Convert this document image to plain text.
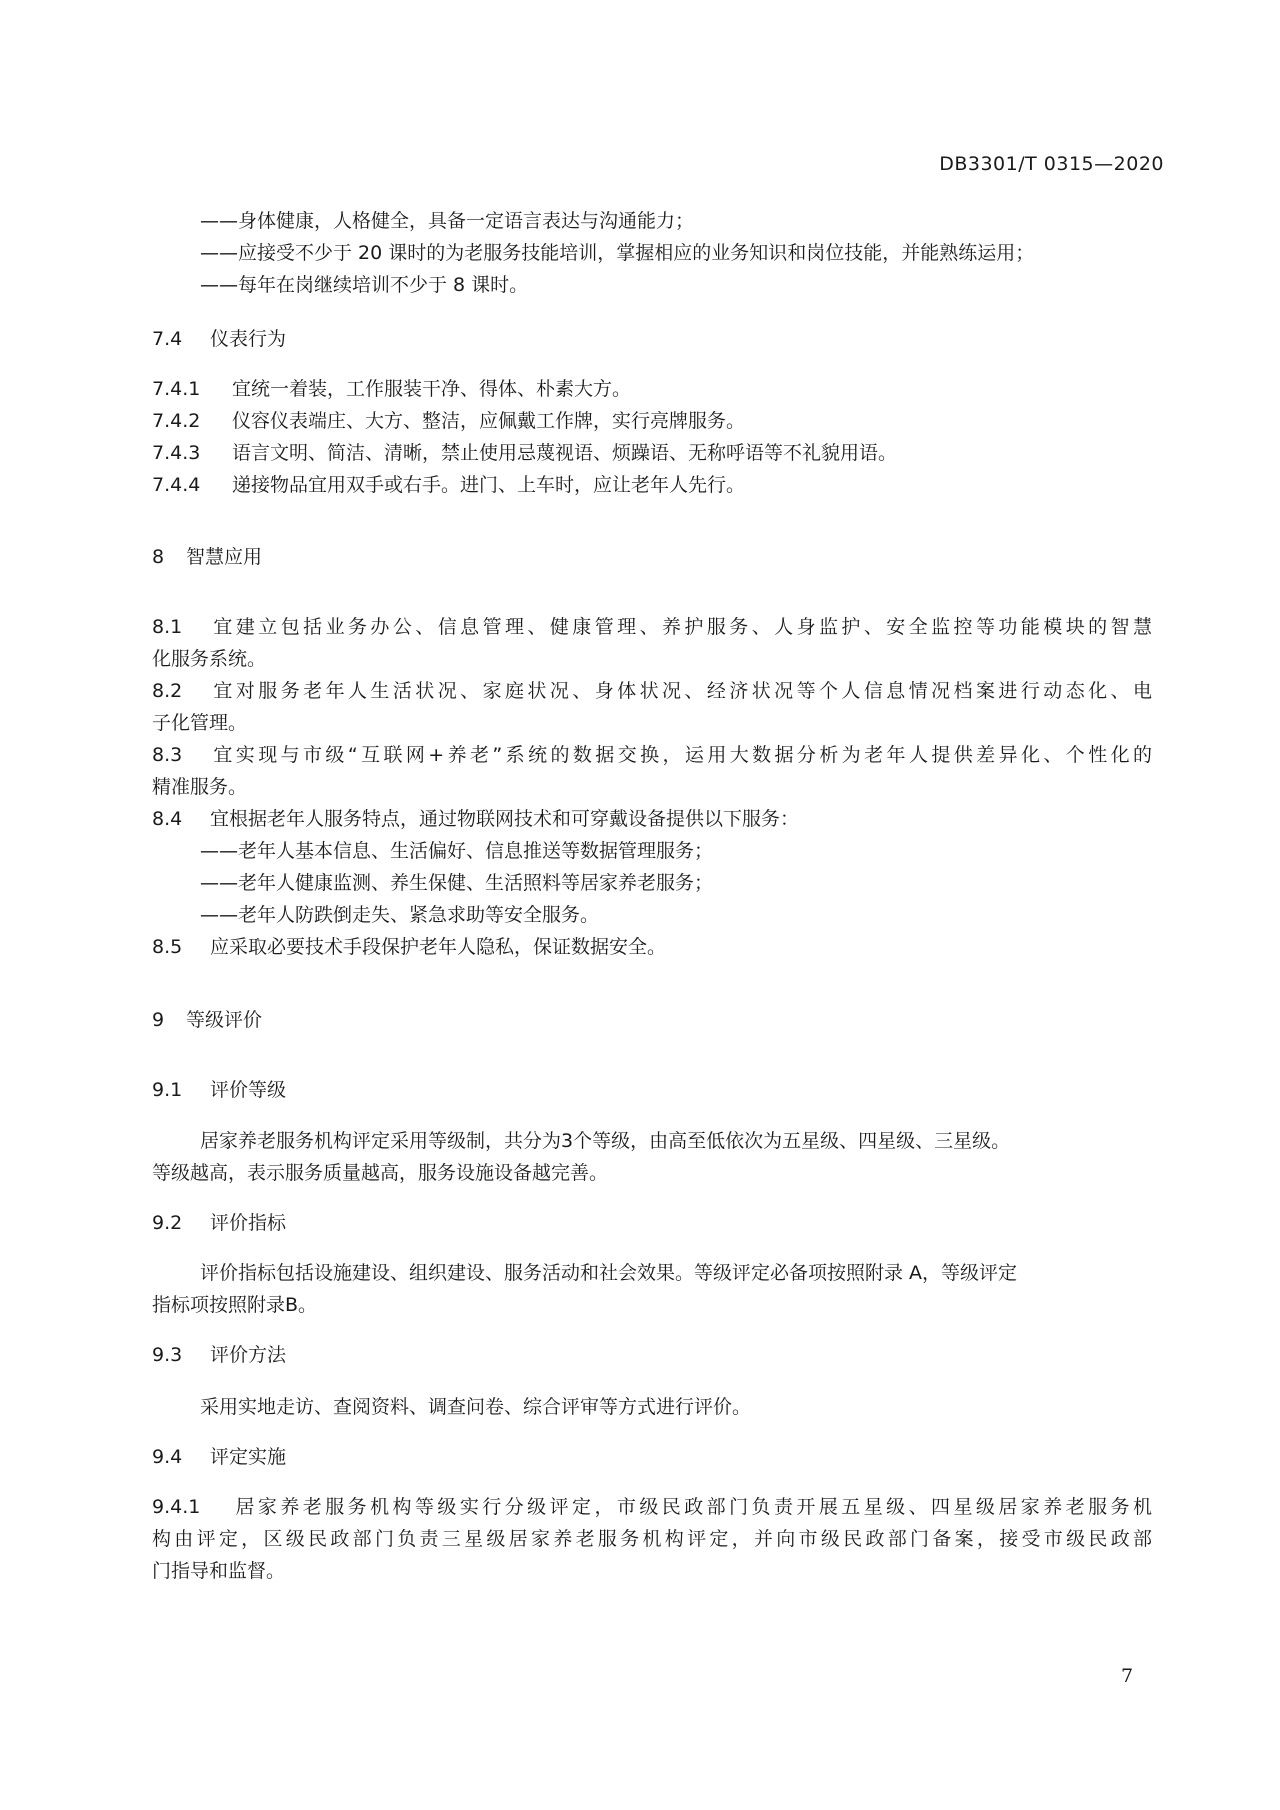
DB3301/T 0315—2020
——身体健康，人格健全，具备一定语言表达与沟通能力；
——应接受不少于 20 课时的为老服务技能培训，掌握相应的业务知识和岗位技能，并能熟练运用；
——每年在岗继续培训不少于 8 课时。
7.4 仪表行为
7.4.1 宜统一着装，工作服装干净、得体、朴素大方。
7.4.2 仪容仪表端庄、大方、整洁，应佩戴工作牌，实行亮牌服务。
7.4.3 语言文明、简洁、清晰，禁止使用忌蔑视语、烦躁语、无称呼语等不礼貌用语。
7.4.4 递接物品宜用双手或右手。进门、上车时，应让老年人先行。
8 智慧应用
8.1 宜建立包括业务办公、信息管理、健康管理、养护服务、人身监护、安全监控等功能模块的智慧
化服务系统。
8.2 宜对服务老年人生活状况、家庭状况、身体状况、经济状况等个人信息情况档案进行动态化、电
子化管理。
8.3 宜实现与市级“互联网+养老”系统的数据交换，运用大数据分析为老年人提供差异化、个性化的
精准服务。
8.4 宜根据老年人服务特点，通过物联网技术和可穿戴设备提供以下服务：
——老年人基本信息、生活偏好、信息推送等数据管理服务；
——老年人健康监测、养生保健、生活照料等居家养老服务；
——老年人防跌倒走失、紧急求助等安全服务。
8.5 应采取必要技术手段保护老年人隐私，保证数据安全。
9 等级评价
9.1 评价等级
居家养老服务机构评定采用等级制，共分为3个等级，由高至低依次为五星级、四星级、三星级。
等级越高，表示服务质量越高，服务设施设备越完善。
9.2 评价指标
评价指标包括设施建设、组织建设、服务活动和社会效果。等级评定必备项按照附录 A，等级评定
指标项按照附录B。
9.3 评价方法
采用实地走访、查阅资料、调查问卷、综合评审等方式进行评价。
9.4 评定实施
9.4.1 居家养老服务机构等级实行分级评定，市级民政部门负责开展五星级、四星级居家养老服务机
构由评定，区级民政部门负责三星级居家养老服务机构评定，并向市级民政部门备案，接受市级民政部
门指导和监督。
7
